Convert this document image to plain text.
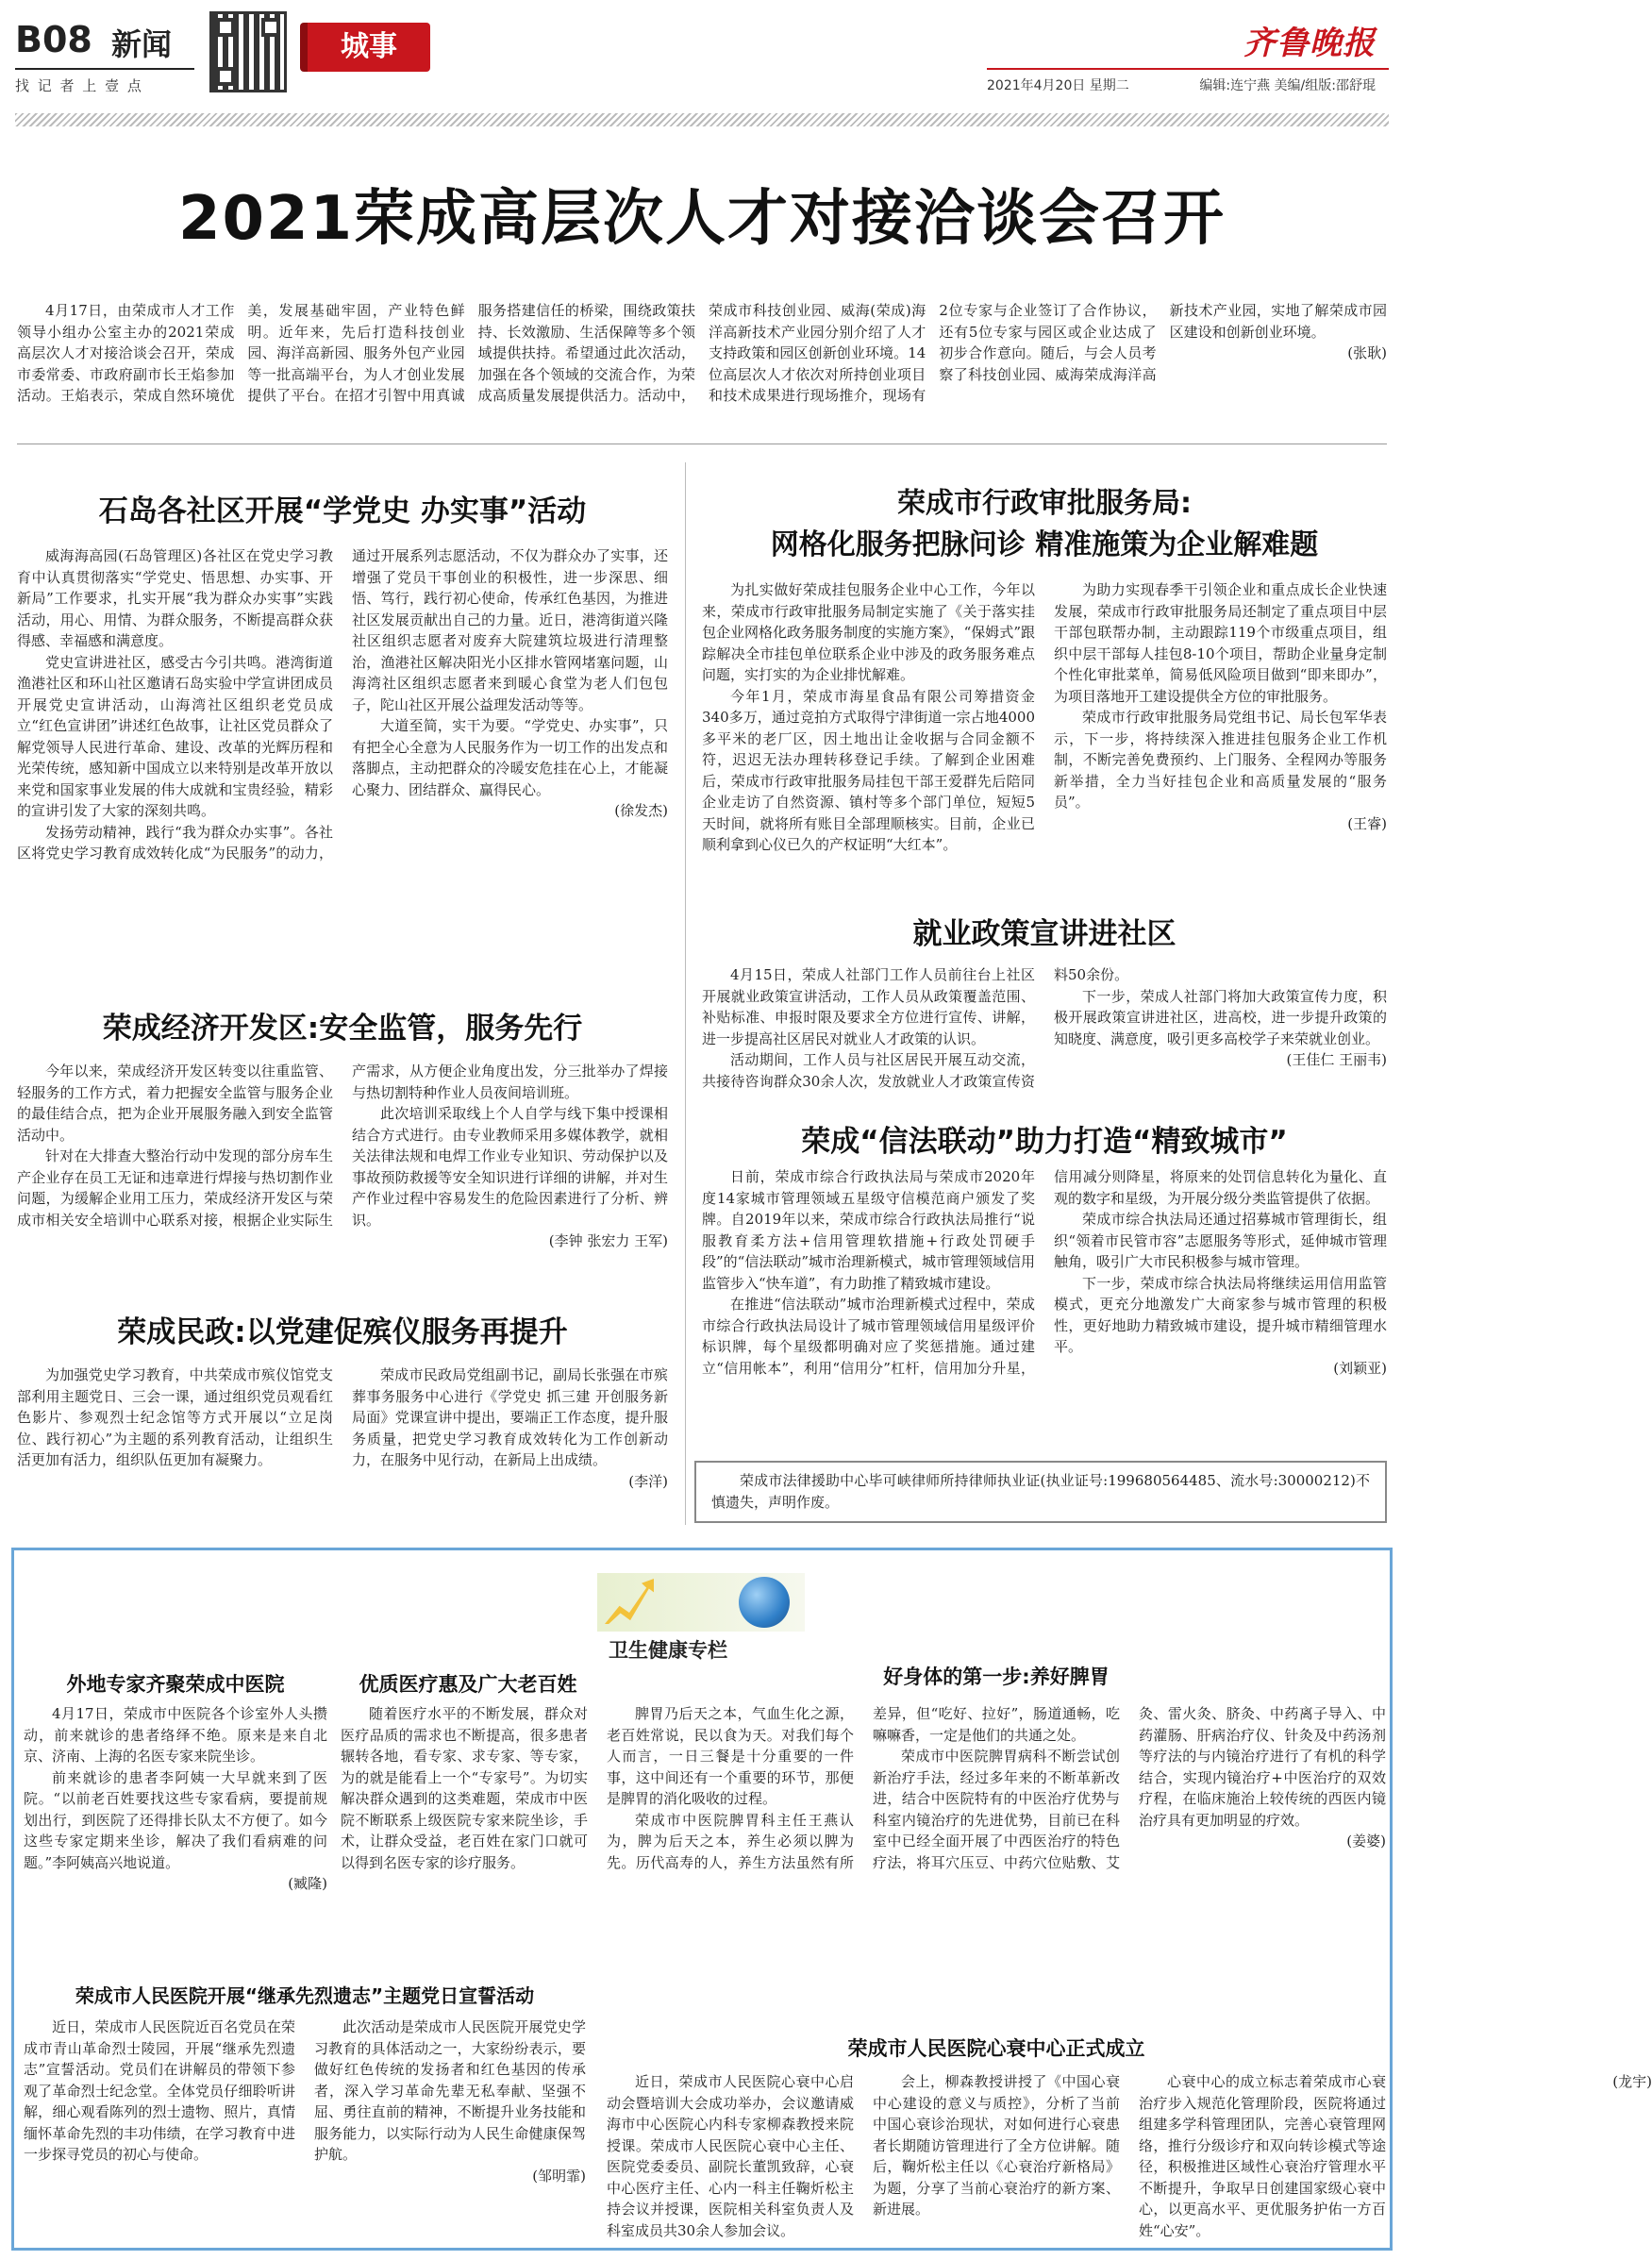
B08 新闻
找 记 者 上 壹 点
城事	齐鲁晚报
2021年4月20日 星期二	编辑:连宁燕 美编/组版:邵舒琨
2021荣成高层次人才对接洽谈会召开

4月17日，由荣成市人才工作领导小组办公室主办的2021荣成高层次人才对接洽谈会召开，荣成市委常委、市政府副市长王焰参加活动。王焰表示，荣成自然环境优美，发展基础牢固，产业特色鲜明。近年来，先后打造科技创业园、海洋高新园、服务外包产业园等一批高端平台，为人才创业发展提供了平台。在招才引智中用真诚服务搭建信任的桥梁，围绕政策扶持、长效激励、生活保障等多个领域提供扶持。希望通过此次活动，加强在各个领域的交流合作，为荣成高质量发展提供活力。活动中，荣成市科技创业园、威海(荣成)海洋高新技术产业园分别介绍了人才支持政策和园区创新创业环境。14位高层次人才依次对所持创业项目和技术成果进行现场推介，现场有2位专家与企业签订了合作协议，还有5位专家与园区或企业达成了初步合作意向。随后，与会人员考察了科技创业园、威海荣成海洋高新技术产业园，实地了解荣成市园区建设和创新创业环境。

(张耿)
石岛各社区开展“学党史 办实事”活动

威海海高园(石岛管理区)各社区在党史学习教育中认真贯彻落实“学党史、悟思想、办实事、开新局”工作要求，扎实开展“我为群众办实事”实践活动，用心、用情、为群众服务，不断提高群众获得感、幸福感和满意度。

党史宣讲进社区，感受古今引共鸣。港湾街道渔港社区和环山社区邀请石岛实验中学宣讲团成员开展党史宣讲活动，山海湾社区组织老党员成立“红色宣讲团”讲述红色故事，让社区党员群众了解党领导人民进行革命、建设、改革的光辉历程和光荣传统，感知新中国成立以来特别是改革开放以来党和国家事业发展的伟大成就和宝贵经验，精彩的宣讲引发了大家的深刻共鸣。

发扬劳动精神，践行“我为群众办实事”。各社区将党史学习教育成效转化成“为民服务”的动力，通过开展系列志愿活动，不仅为群众办了实事，还增强了党员干事创业的积极性，进一步深思、细悟、笃行，践行初心使命，传承红色基因，为推进社区发展贡献出自己的力量。近日，港湾街道兴隆社区组织志愿者对废弃大院建筑垃圾进行清理整治，渔港社区解决阳光小区排水管网堵塞问题，山海湾社区组织志愿者来到暖心食堂为老人们包包子，陀山社区开展公益理发活动等等。

大道至简，实干为要。“学党史、办实事”，只有把全心全意为人民服务作为一切工作的出发点和落脚点，主动把群众的冷暖安危挂在心上，才能凝心聚力、团结群众、赢得民心。

(徐发杰)
荣成经济开发区:安全监管，服务先行

今年以来，荣成经济开发区转变以往重监管、轻服务的工作方式，着力把握安全监管与服务企业的最佳结合点，把为企业开展服务融入到安全监管活动中。

针对在大排查大整治行动中发现的部分房车生产企业存在员工无证和违章进行焊接与热切割作业问题，为缓解企业用工压力，荣成经济开发区与荣成市相关安全培训中心联系对接，根据企业实际生产需求，从方便企业角度出发，分三批举办了焊接与热切割特种作业人员夜间培训班。

此次培训采取线上个人自学与线下集中授课相结合方式进行。由专业教师采用多媒体教学，就相关法律法规和电焊工作业专业知识、劳动保护以及事故预防救援等安全知识进行详细的讲解，并对生产作业过程中容易发生的危险因素进行了分析、辨识。

(李钟 张宏力 王军)
荣成民政:以党建促殡仪服务再提升

为加强党史学习教育，中共荣成市殡仪馆党支部利用主题党日、三会一课，通过组织党员观看红色影片、参观烈士纪念馆等方式开展以“立足岗位、践行初心”为主题的系列教育活动，让组织生活更加有活力，组织队伍更加有凝聚力。

荣成市民政局党组副书记，副局长张强在市殡葬事务服务中心进行《学党史 抓三建 开创服务新局面》党课宣讲中提出，要端正工作态度，提升服务质量，把党史学习教育成效转化为工作创新动力，在服务中见行动，在新局上出成绩。

(李洋)
荣成市行政审批服务局:
网格化服务把脉问诊 精准施策为企业解难题

为扎实做好荣成挂包服务企业中心工作，今年以来，荣成市行政审批服务局制定实施了《关于落实挂包企业网格化政务服务制度的实施方案》，“保姆式”跟踪解决全市挂包单位联系企业中涉及的政务服务难点问题，实打实的为企业排忧解难。

今年1月，荣成市海星食品有限公司筹措资金340多万，通过竞拍方式取得宁津街道一宗占地4000多平米的老厂区，因土地出让金收据与合同金额不符，迟迟无法办理转移登记手续。了解到企业困难后，荣成市行政审批服务局挂包干部王爱群先后陪同企业走访了自然资源、镇村等多个部门单位，短短5天时间，就将所有账目全部理顺核实。目前，企业已顺利拿到心仪已久的产权证明“大红本”。

为助力实现春季干引领企业和重点成长企业快速发展，荣成市行政审批服务局还制定了重点项目中层干部包联帮办制，主动跟踪119个市级重点项目，组织中层干部每人挂包8-10个项目，帮助企业量身定制个性化审批菜单，简易低风险项目做到“即来即办”，为项目落地开工建设提供全方位的审批服务。

荣成市行政审批服务局党组书记、局长包军华表示，下一步，将持续深入推进挂包服务企业工作机制，不断完善免费预约、上门服务、全程网办等服务新举措，全力当好挂包企业和高质量发展的“服务员”。

(王睿)
就业政策宣讲进社区

4月15日，荣成人社部门工作人员前往台上社区开展就业政策宣讲活动，工作人员从政策覆盖范围、补贴标准、申报时限及要求全方位进行宣传、讲解，进一步提高社区居民对就业人才政策的认识。

活动期间，工作人员与社区居民开展互动交流，共接待咨询群众30余人次，发放就业人才政策宣传资料50余份。

下一步，荣成人社部门将加大政策宣传力度，积极开展政策宣讲进社区，进高校，进一步提升政策的知晓度、满意度，吸引更多高校学子来荣就业创业。

(王佳仁 王丽韦)
荣成“信法联动”助力打造“精致城市”

日前，荣成市综合行政执法局与荣成市2020年度14家城市管理领域五星级守信模范商户颁发了奖牌。自2019年以来，荣成市综合行政执法局推行“说服教育柔方法+信用管理软措施+行政处罚硬手段”的“信法联动”城市治理新模式，城市管理领域信用监管步入“快车道”，有力助推了精致城市建设。

在推进“信法联动”城市治理新模式过程中，荣成市综合行政执法局设计了城市管理领域信用星级评价标识牌，每个星级都明确对应了奖惩措施。通过建立“信用帐本”，利用“信用分”杠杆，信用加分升星，信用减分则降星，将原来的处罚信息转化为量化、直观的数字和星级，为开展分级分类监管提供了依据。

荣成市综合执法局还通过招募城市管理街长，组织“领着市民管市容”志愿服务等形式，延伸城市管理触角，吸引广大市民积极参与城市管理。

下一步，荣成市综合执法局将继续运用信用监管模式，更充分地激发广大商家参与城市管理的积极性，更好地助力精致城市建设，提升城市精细管理水平。

(刘颖亚)
荣成市法律援助中心毕可峡律师所持律师执业证(执业证号:199680564485、流水号:30000212)不慎遗失，声明作废。
卫生健康专栏
外地专家齐聚荣成中医院

4月17日，荣成市中医院各个诊室外人头攒动，前来就诊的患者络绎不绝。原来是来自北京、济南、上海的名医专家来院坐诊。

前来就诊的患者李阿姨一大早就来到了医院。“以前老百姓要找这些专家看病，要提前规划出行，到医院了还得排长队太不方便了。如今这些专家定期来坐诊，解决了我们看病难的问题。”李阿姨高兴地说道。

(臧隆)
优质医疗惠及广大老百姓

随着医疗水平的不断发展，群众对医疗品质的需求也不断提高，很多患者辗转各地，看专家、求专家、等专家，为的就是能看上一个“专家号”。为切实解决群众遇到的这类难题，荣成市中医院不断联系上级医院专家来院坐诊，手术，让群众受益，老百姓在家门口就可以得到名医专家的诊疗服务。

好身体的第一步:养好脾胃

脾胃乃后天之本，气血生化之源，老百姓常说，民以食为天。对我们每个人而言，一日三餐是十分重要的一件事，这中间还有一个重要的环节，那便是脾胃的消化吸收的过程。

荣成市中医院脾胃科主任王燕认为，脾为后天之本，养生必须以脾为先。历代高寿的人，养生方法虽然有所差异，但“吃好、拉好”，肠道通畅，吃嘛嘛香，一定是他们的共通之处。

荣成市中医院脾胃病科不断尝试创新治疗手法，经过多年来的不断革新改进，结合中医院特有的中医治疗优势与科室内镜治疗的先进优势，目前已在科室中已经全面开展了中西医治疗的特色疗法，将耳穴压豆、中药穴位贴敷、艾灸、雷火灸、脐灸、中药离子导入、中药灌肠、肝病治疗仪、针灸及中药汤剂等疗法的与内镜治疗进行了有机的科学结合，实现内镜治疗+中医治疗的双效疗程，在临床施治上较传统的西医内镜治疗具有更加明显的疗效。

(姜婆)
荣成市人民医院开展“继承先烈遗志”主题党日宣誓活动

近日，荣成市人民医院近百名党员在荣成市青山革命烈士陵园，开展“继承先烈遗志”宣誓活动。党员们在讲解员的带领下参观了革命烈士纪念堂。全体党员仔细聆听讲解，细心观看陈列的烈士遗物、照片，真情缅怀革命先烈的丰功伟绩，在学习教育中进一步探寻党员的初心与使命。

此次活动是荣成市人民医院开展党史学习教育的具体活动之一，大家纷纷表示，要做好红色传统的发扬者和红色基因的传承者，深入学习革命先辈无私奉献、坚强不屈、勇往直前的精神，不断提升业务技能和服务能力，以实际行动为人民生命健康保驾护航。

(邹明霏)
荣成市人民医院心衰中心正式成立

近日，荣成市人民医院心衰中心启动会暨培训大会成功举办，会议邀请威海市中心医院心内科专家柳森教授来院授课。荣成市人民医院心衰中心主任、医院党委委员、副院长董凯致辞，心衰中心医疗主任、心内一科主任鞠炘松主持会议并授课，医院相关科室负责人及科室成员共30余人参加会议。

会上，柳森教授讲授了《中国心衰中心建设的意义与质控》，分析了当前中国心衰诊治现状，对如何进行心衰患者长期随访管理进行了全方位讲解。随后，鞠炘松主任以《心衰治疗新格局》为题，分享了当前心衰治疗的新方案、新进展。

心衰中心的成立标志着荣成市心衰治疗步入规范化管理阶段，医院将通过组建多学科管理团队，完善心衰管理网络，推行分级诊疗和双向转诊模式等途径，积极推进区域性心衰治疗管理水平不断提升，争取早日创建国家级心衰中心，以更高水平、更优服务护佑一方百姓“心安”。

(龙宇)
